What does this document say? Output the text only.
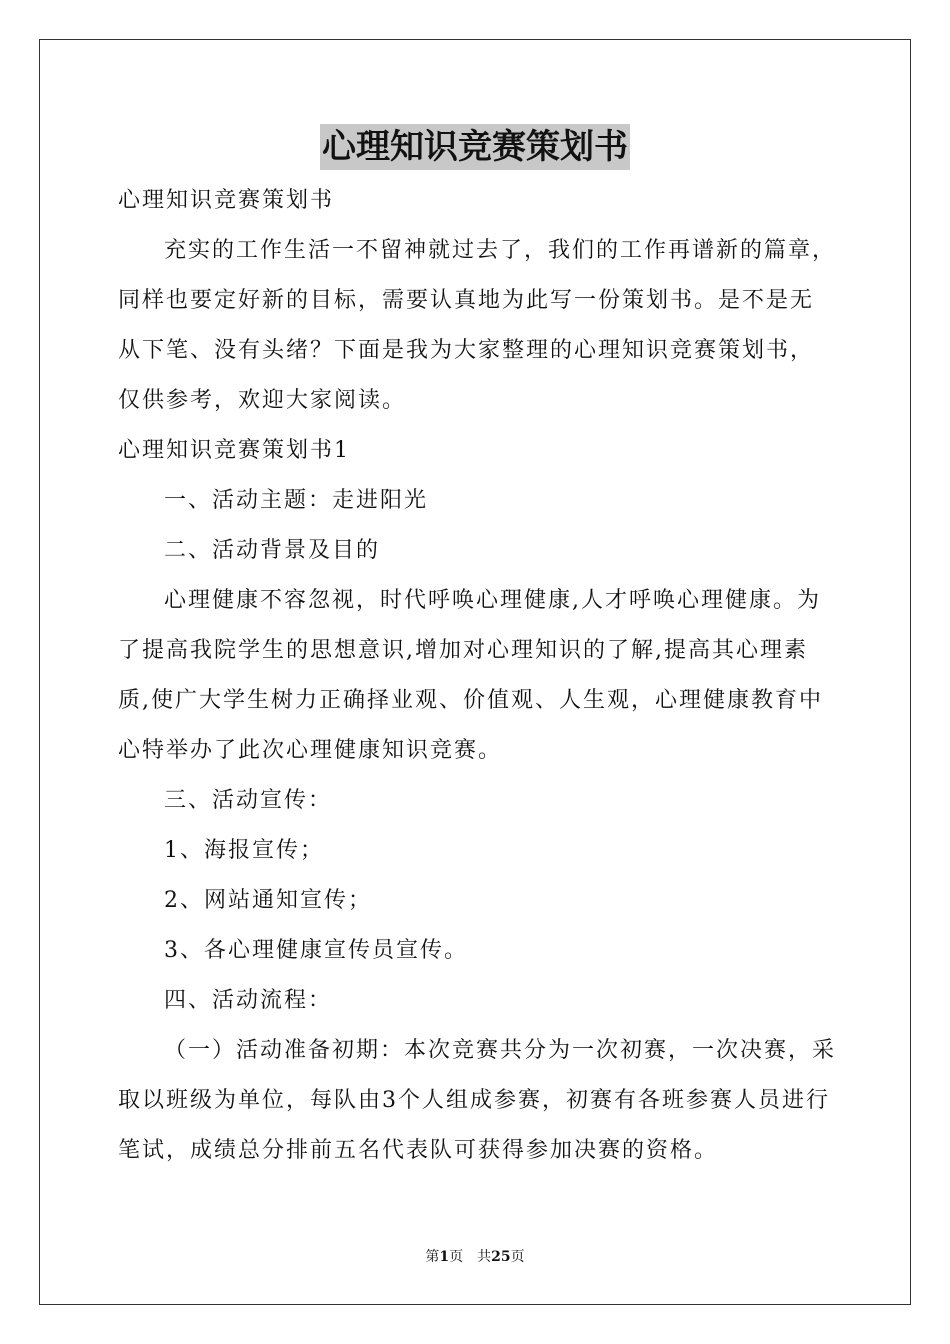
心理知识竞赛策划书

心理知识竞赛策划书

充实的工作生活一不留神就过去了，我们的工作再谱新的篇章，同样也要定好新的目标，需要认真地为此写一份策划书。是不是无从下笔、没有头绪？下面是我为大家整理的心理知识竞赛策划书，仅供参考，欢迎大家阅读。

心理知识竞赛策划书1

一、活动主题：走进阳光

二、活动背景及目的

心理健康不容忽视，时代呼唤心理健康,人才呼唤心理健康。为了提高我院学生的思想意识,增加对心理知识的了解,提高其心理素质,使广大学生树力正确择业观、价值观、人生观，心理健康教育中心特举办了此次心理健康知识竞赛。

三、活动宣传：

1、海报宣传；

2、网站通知宣传；

3、各心理健康宣传员宣传。

四、活动流程：

（一）活动准备初期：本次竞赛共分为一次初赛，一次决赛，采取以班级为单位，每队由3个人组成参赛，初赛有各班参赛人员进行笔试，成绩总分排前五名代表队可获得参加决赛的资格。

第1页 共25页
